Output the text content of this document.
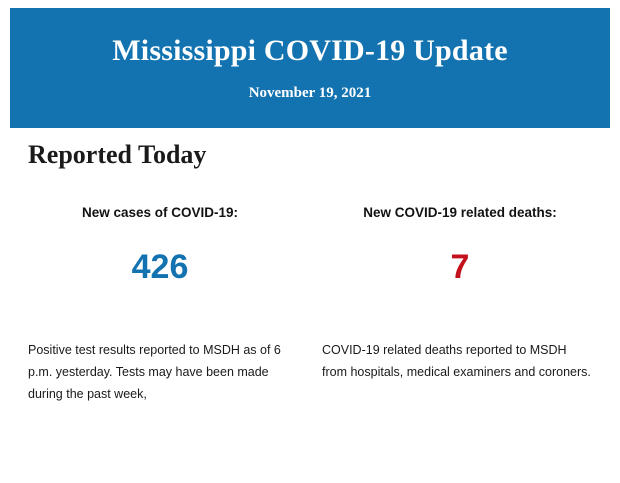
Mississippi COVID-19 Update
November 19, 2021
Reported Today
New cases of COVID-19:
426
New COVID-19 related deaths:
7

Positive test results reported to MSDH as of 6 p.m. yesterday. Tests may have been made during the past week,

COVID-19 related deaths reported to MSDH from hospitals, medical examiners and coroners.
